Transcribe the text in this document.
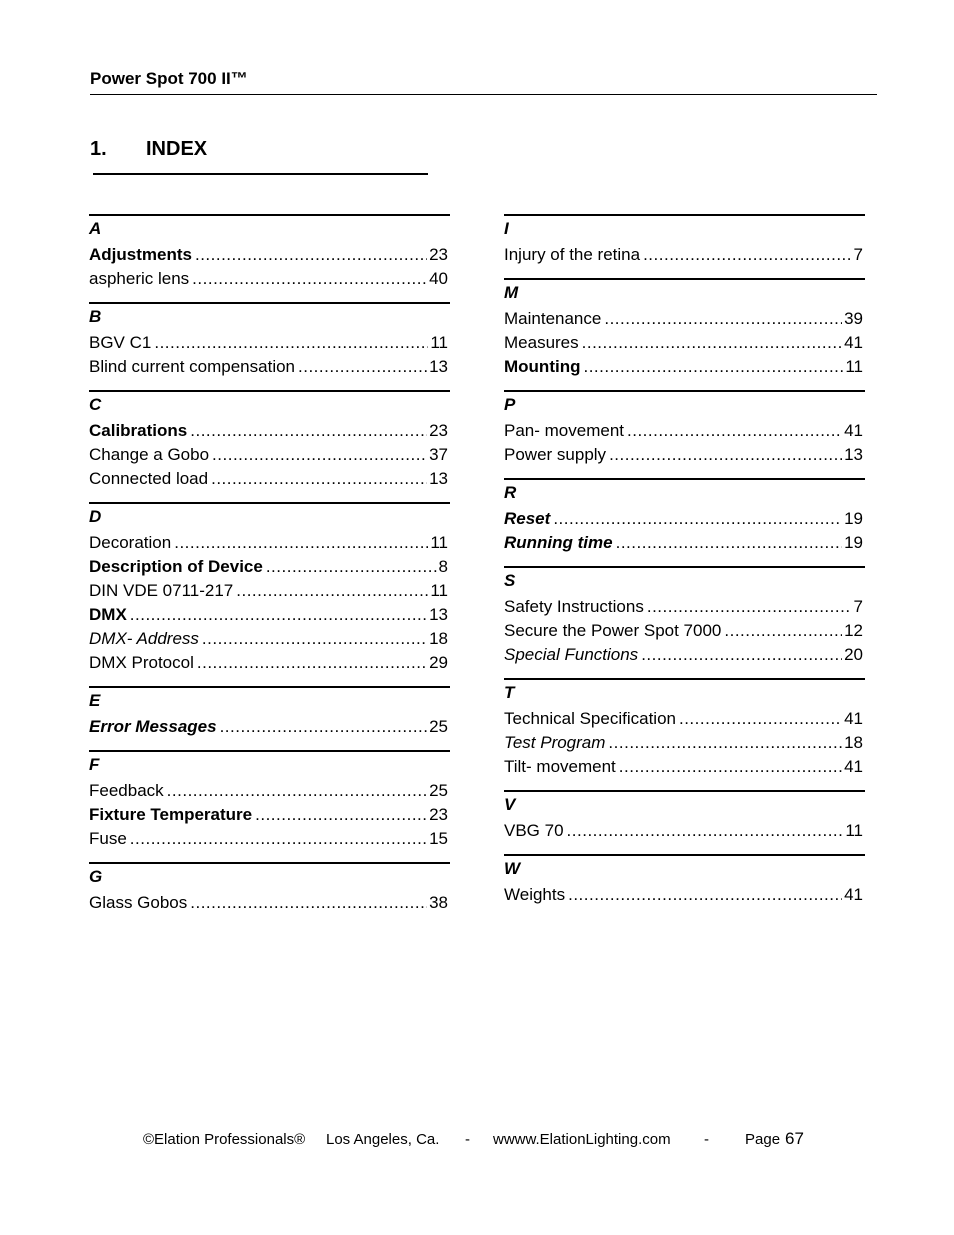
Power Spot 700 II™
1. INDEX
A
Adjustments .....	23
aspheric lens .....	40
B
BGV C1 .....	11
Blind current compensation .....	13
C
Calibrations .....	23
Change a Gobo .....	37
Connected load .....	13
D
Decoration .....	11
Description of Device .....	8
DIN VDE 0711-217 .....	11
DMX .....	13
DMX- Address .....	18
DMX Protocol .....	29
E
Error Messages .....	25
F
Feedback .....	25
Fixture Temperature .....	23
Fuse .....	15
G
Glass Gobos .....	38
I
Injury of the retina .....	7
M
Maintenance .....	39
Measures .....	41
Mounting .....	11
P
Pan- movement .....	41
Power supply .....	13
R
Reset .....	19
Running time .....	19
S
Safety Instructions .....	7
Secure the Power Spot 7000 .....	12
Special Functions .....	20
T
Technical Specification .....	41
Test Program .....	18
Tilt- movement .....	41
V
VBG 70 .....	11
W
Weights .....	41
©Elation Professionals® Los Angeles, Ca. - wwww.ElationLighting.com - Page 67
